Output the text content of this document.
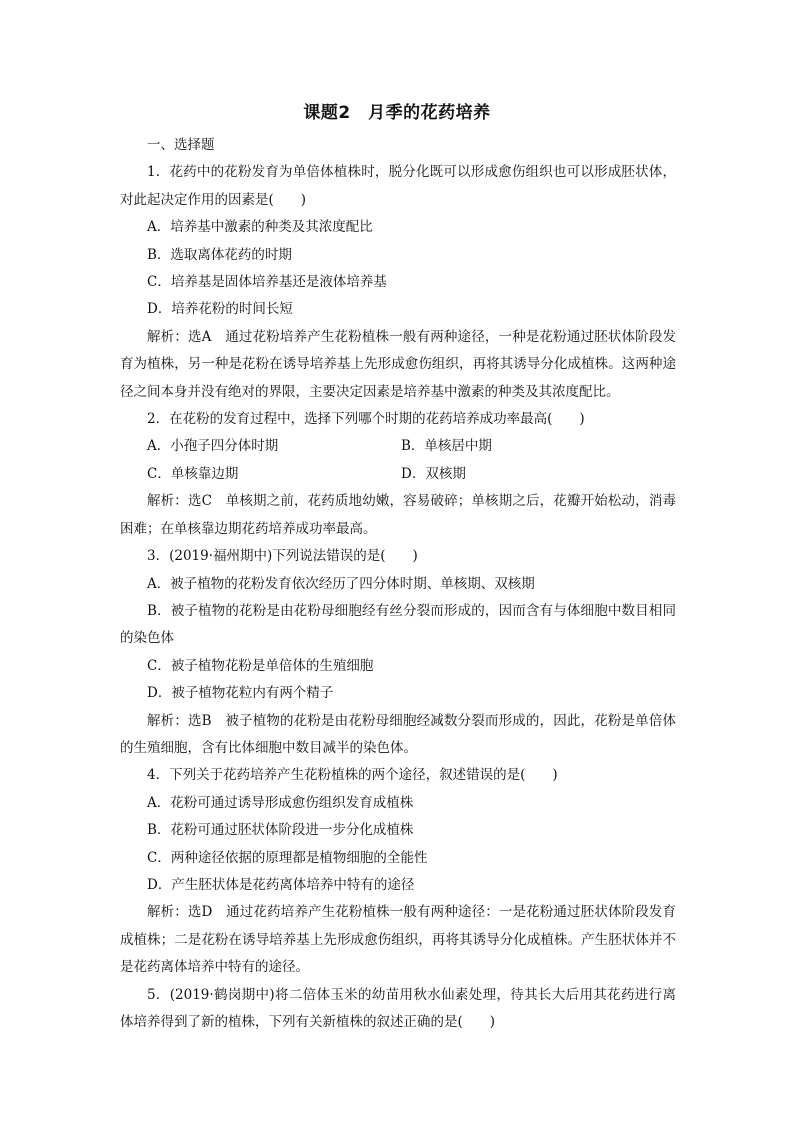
课题2　月季的花药培养
一、选择题

1．花药中的花粉发育为单倍体植株时，脱分化既可以形成愈伤组织也可以形成胚状体，对此起决定作用的因素是(　　)

A．培养基中激素的种类及其浓度配比
B．选取离体花药的时期
C．培养基是固体培养基还是液体培养基
D．培养花粉的时间长短

解析：选A　通过花粉培养产生花粉植株一般有两种途径，一种是花粉通过胚状体阶段发育为植株，另一种是花粉在诱导培养基上先形成愈伤组织，再将其诱导分化成植株。这两种途径之间本身并没有绝对的界限，主要决定因素是培养基中激素的种类及其浓度配比。

2．在花粉的发育过程中，选择下列哪个时期的花药培养成功率最高(　　)

A．小孢子四分体时期	B．单核居中期
C．单核靠边期	D．双核期

解析：选C　单核期之前，花药质地幼嫩，容易破碎；单核期之后，花瓣开始松动，消毒困难；在单核靠边期花药培养成功率最高。

3．(2019·福州期中)下列说法错误的是(　　)

A．被子植物的花粉发育依次经历了四分体时期、单核期、双核期

B．被子植物的花粉是由花粉母细胞经有丝分裂而形成的，因而含有与体细胞中数目相同的染色体

C．被子植物花粉是单倍体的生殖细胞
D．被子植物花粒内有两个精子

解析：选B　被子植物的花粉是由花粉母细胞经减数分裂而形成的，因此，花粉是单倍体的生殖细胞，含有比体细胞中数目减半的染色体。

4．下列关于花药培养产生花粉植株的两个途径，叙述错误的是(　　)

A．花粉可通过诱导形成愈伤组织发育成植株
B．花粉可通过胚状体阶段进一步分化成植株
C．两种途径依据的原理都是植物细胞的全能性
D．产生胚状体是花药离体培养中特有的途径

解析：选D　通过花药培养产生花粉植株一般有两种途径：一是花粉通过胚状体阶段发育成植株；二是花粉在诱导培养基上先形成愈伤组织，再将其诱导分化成植株。产生胚状体并不是花药离体培养中特有的途径。

5．(2019·鹤岗期中)将二倍体玉米的幼苗用秋水仙素处理，待其长大后用其花药进行离体培养得到了新的植株，下列有关新植株的叙述正确的是(　　)
